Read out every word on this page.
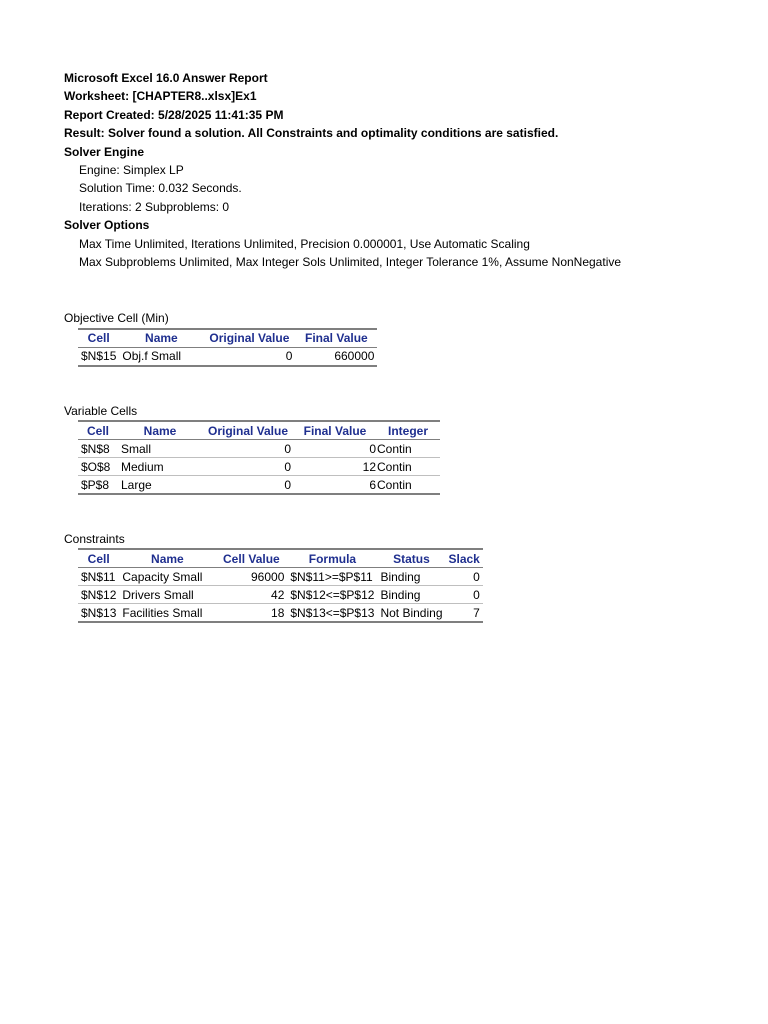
Microsoft Excel 16.0 Answer Report
Worksheet: [CHAPTER8..xlsx]Ex1
Report Created: 5/28/2025 11:41:35 PM
Result: Solver found a solution. All Constraints and optimality conditions are satisfied.
Solver Engine
Engine: Simplex LP
Solution Time: 0.032 Seconds.
Iterations: 2 Subproblems: 0
Solver Options
Max Time Unlimited, Iterations Unlimited, Precision 0.000001, Use Automatic Scaling
Max Subproblems Unlimited, Max Integer Sols Unlimited, Integer Tolerance 1%, Assume NonNegative
Objective Cell (Min)
Cell	Name	Original Value	Final Value
$N$15	Obj.f Small	0	660000
Variable Cells
Cell	Name	Original Value	Final Value	Integer
$N$8	Small	0	0	Contin
$O$8	Medium	0	12	Contin
$P$8	Large	0	6	Contin
Constraints
Cell	Name	Cell Value	Formula	Status	Slack
$N$11	Capacity Small	96000	$N$11>=$P$11	Binding	0
$N$12	Drivers Small	42	$N$12<=$P$12	Binding	0
$N$13	Facilities Small	18	$N$13<=$P$13	Not Binding	7
